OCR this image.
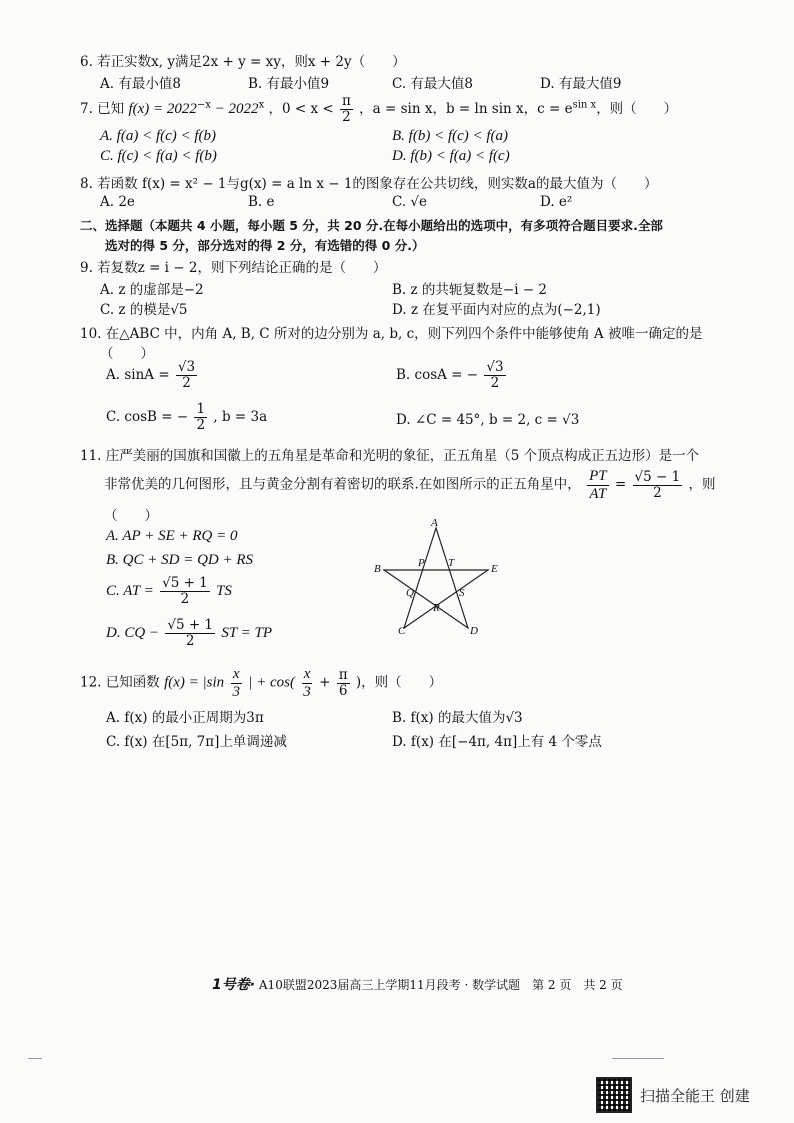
6. 若正实数x, y满足2x + y = xy，则x + 2y（　　）
A. 有最小值8	B. 有最小值9	C. 有最大值8	D. 有最大值9
7. 已知 $f(x) = 2022^{-x} - 2022^x$ ，$0 < x < \frac{\pi}{2}$ ，a = sin x，b = ln sin x，$c = e^{sin x}$，则（　　）
A. f(a) < f(c) < f(b)	B. f(b) < f(c) < f(a)
C. f(c) < f(a) < f(b)	D. f(b) < f(a) < f(c)
8. 若函数 f(x) = x² − 1与g(x) = a ln x − 1的图象存在公共切线，则实数a的最大值为（　　）
A. 2e	B. e	C. √e	D. e²
二、选择题（本题共 4 小题，每小题 5 分，共 20 分.在每小题给出的选项中，有多项符合题目要求.全部
　　选对的得 5 分，部分选对的得 2 分，有选错的得 0 分.）
9. 若复数z = i − 2，则下列结论正确的是（　　）
A. z 的虚部是−2	B. z 的共轭复数是−i − 2
C. z 的模是√5	D. z 在复平面内对应的点为(−2,1)
10. 在△ABC 中，内角 A, B, C 所对的边分别为 a, b, c，则下列四个条件中能够使角 A 被唯一确定的是
（　　）
A. $\sin A = \frac{√3}{2}$	B. cosA = − $\frac{√3}{2}$
C. cosB = − $\frac{1}{2}$ , b = 3a	D. ∠C = 45°, b = 2, c = √3
11. 庄严美丽的国旗和国徽上的五角星是革命和光明的象征，正五角星（5 个顶点构成正五边形）是一个
非常优美的几何图形，且与黄金分割有着密切的联系.在如图所示的正五角星中， $\frac{PT}{AT} = \frac{√5 - 1}{2}$ ，则
（　　）
A. AP + SE + RQ = 0
B. QC + SD = QD + RS
C. AT = $\frac{√5 + 1}{2}$ TS
D. CQ − $\frac{√5 + 1}{2}$ ST = TP
A
B	E
C	D
P T
Q	S
R
12. 已知函数 $f(x) = |\sin \frac{x}{3}$ | + $\cos( \frac{x}{3} + \frac{\pi}{6}$ )，则（　　）
A. f(x) 的最小正周期为3π	B. f(x) 的最大值为√3
C. f(x) 在[5π, 7π]上单调递减	D. f(x) 在[−4π, 4π]上有 4 个零点
1号卷· A10联盟2023届高三上学期11月段考 · 数学试题　第 2 页　共 2 页
扫描全能王 创建
